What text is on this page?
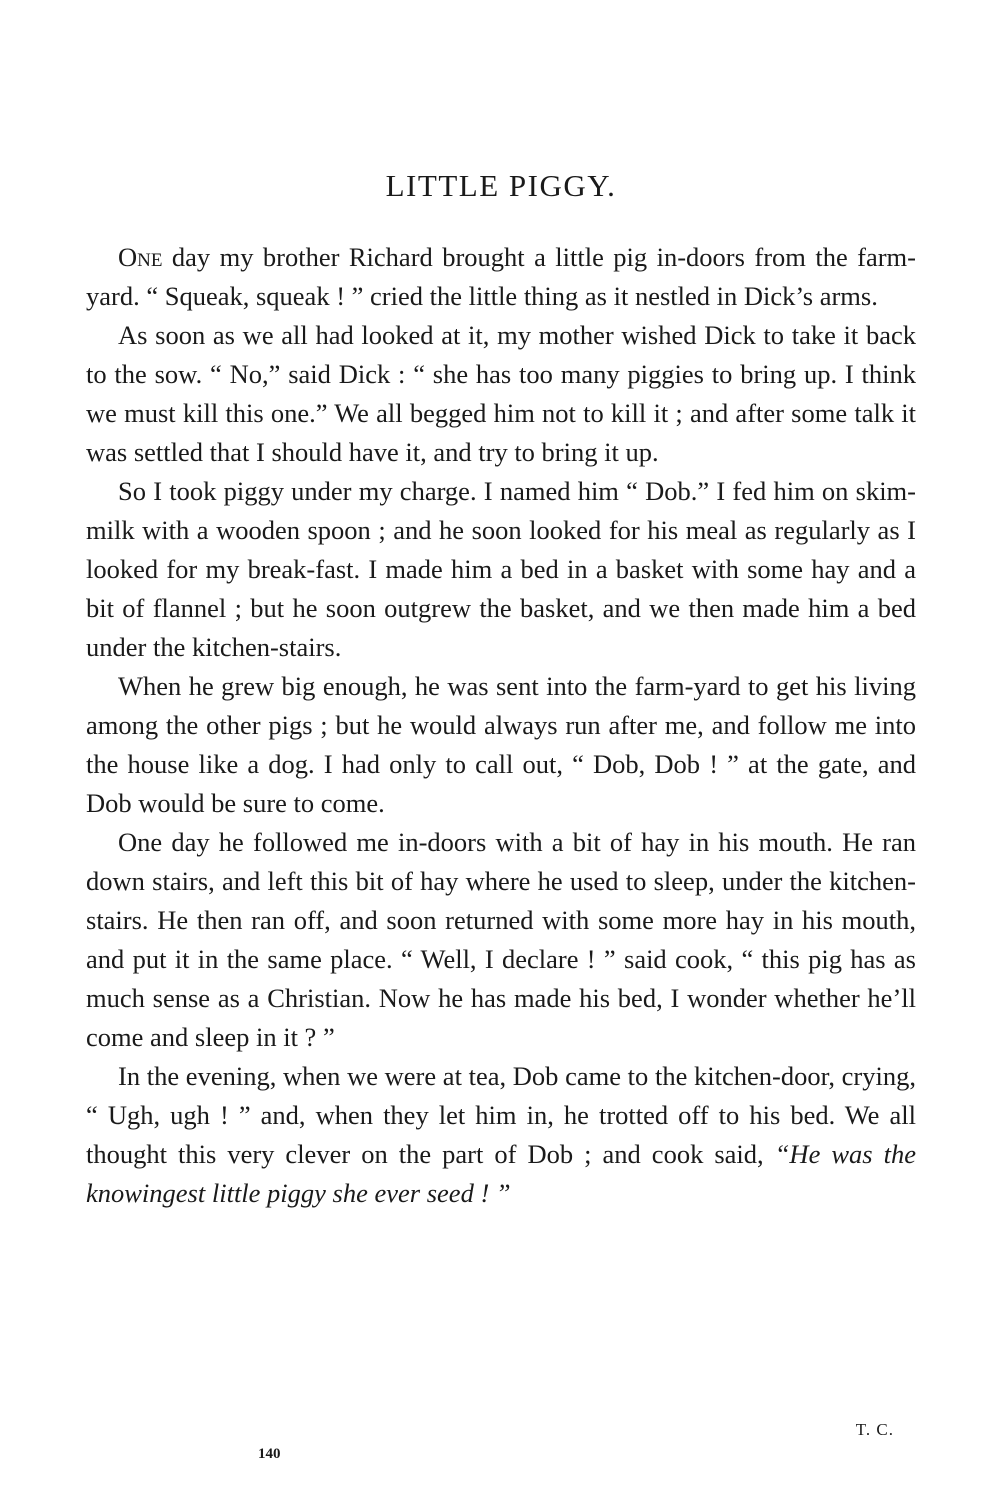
LITTLE PIGGY.

One day my brother Richard brought a little pig in-doors from the farm-yard. “ Squeak, squeak ! ” cried the little thing as it nestled in Dick’s arms.

As soon as we all had looked at it, my mother wished Dick to take it back to the sow. “ No,” said Dick : “ she has too many piggies to bring up. I think we must kill this one.” We all begged him not to kill it ; and after some talk it was settled that I should have it, and try to bring it up.

So I took piggy under my charge. I named him “ Dob.” I fed him on skim-milk with a wooden spoon ; and he soon looked for his meal as regularly as I looked for my break-fast. I made him a bed in a basket with some hay and a bit of flannel ; but he soon outgrew the basket, and we then made him a bed under the kitchen-stairs.

When he grew big enough, he was sent into the farm-yard to get his living among the other pigs ; but he would always run after me, and follow me into the house like a dog. I had only to call out, “ Dob, Dob ! ” at the gate, and Dob would be sure to come.

One day he followed me in-doors with a bit of hay in his mouth. He ran down stairs, and left this bit of hay where he used to sleep, under the kitchen-stairs. He then ran off, and soon returned with some more hay in his mouth, and put it in the same place. “ Well, I declare ! ” said cook, “ this pig has as much sense as a Christian. Now he has made his bed, I wonder whether he’ll come and sleep in it ? ”

In the evening, when we were at tea, Dob came to the kitchen-door, crying, “ Ugh, ugh ! ” and, when they let him in, he trotted off to his bed. We all thought this very clever on the part of Dob ; and cook said, “He was the knowingest little piggy she ever seed ! ”

T. C.
140
